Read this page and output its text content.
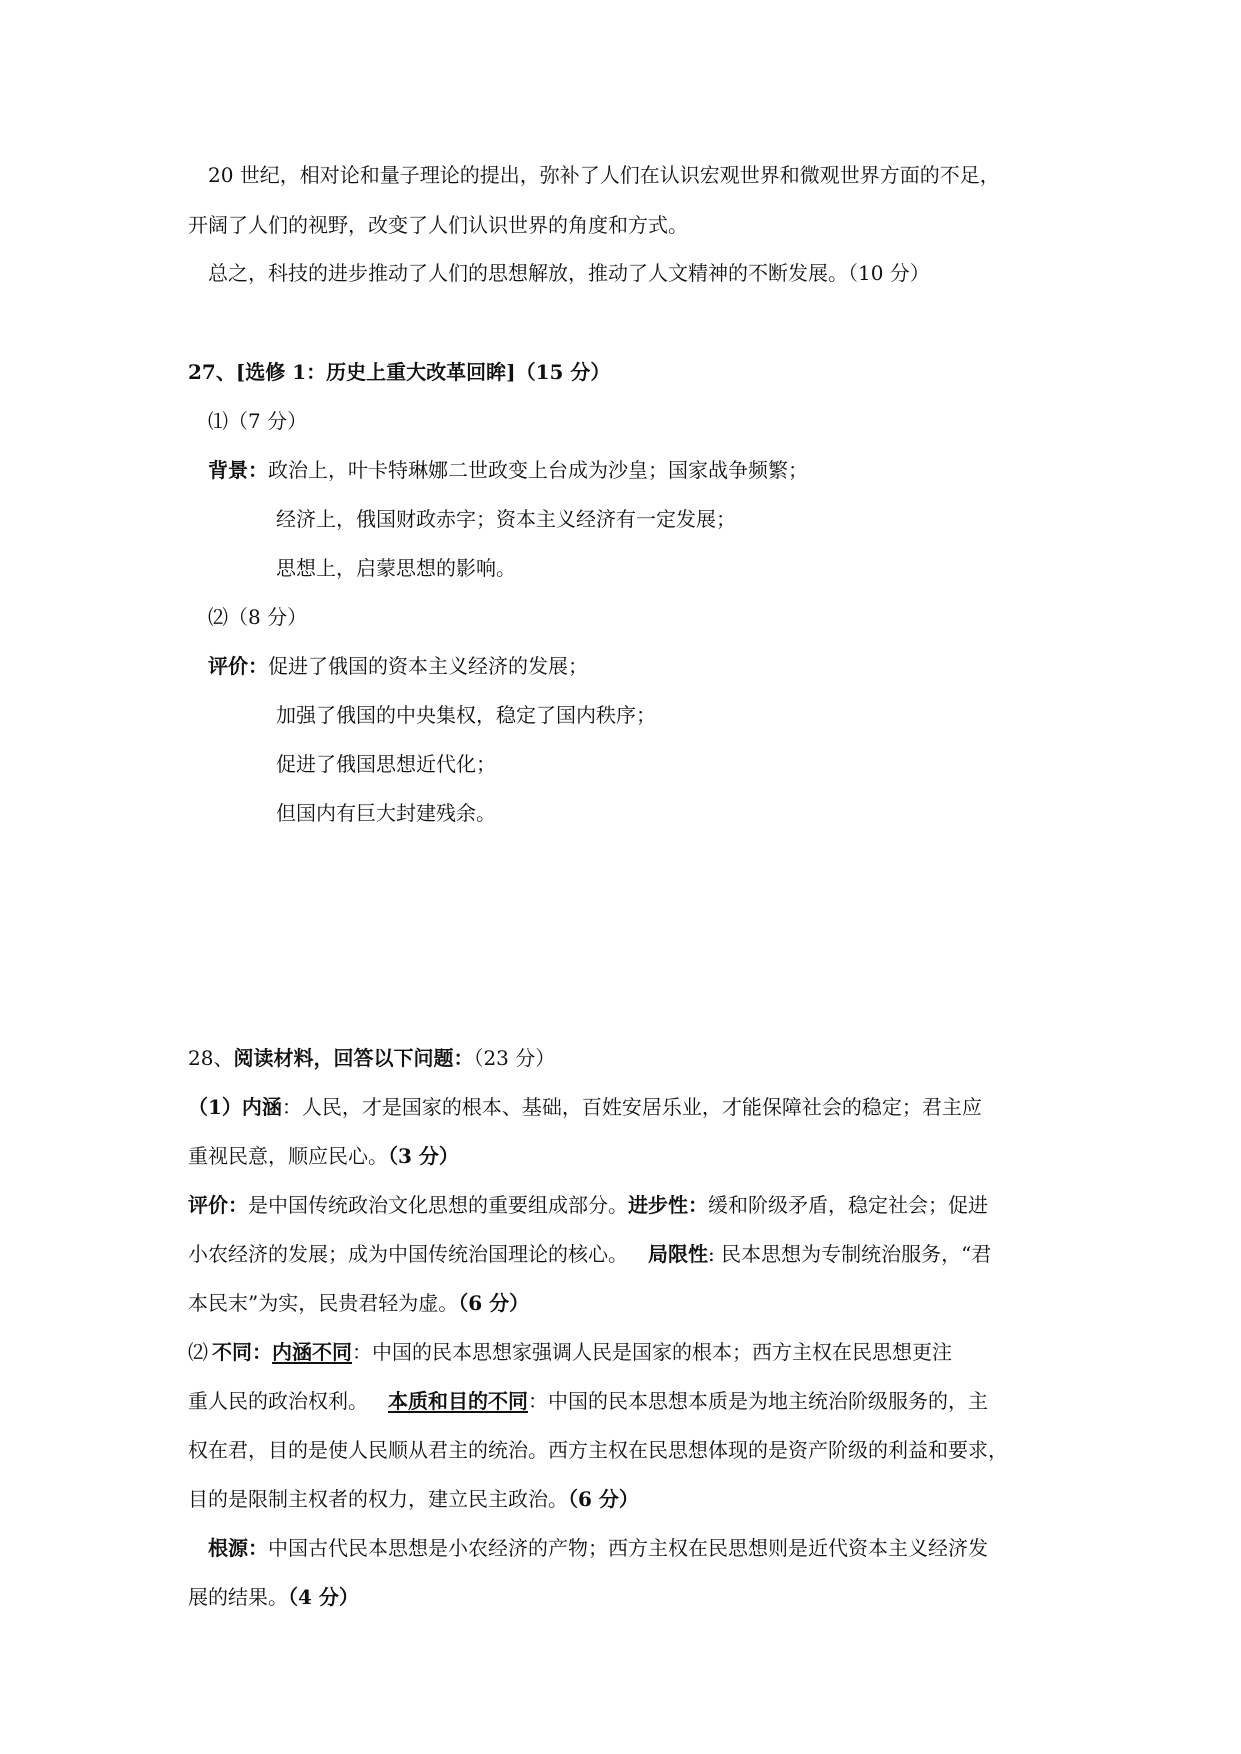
20 世纪，相对论和量子理论的提出，弥补了人们在认识宏观世界和微观世界方面的不足，
开阔了人们的视野，改变了人们认识世界的角度和方式。
总之，科技的进步推动了人们的思想解放，推动了人文精神的不断发展。（10 分）
27、[选修 1：历史上重大改革回眸]（15 分）
⑴（7 分）
背景：政治上，叶卡特琳娜二世政变上台成为沙皇；国家战争频繁；
经济上，俄国财政赤字；资本主义经济有一定发展；
思想上，启蒙思想的影响。
⑵（8 分）
评价：促进了俄国的资本主义经济的发展；
加强了俄国的中央集权，稳定了国内秩序；
促进了俄国思想近代化；
但国内有巨大封建残余。
28、阅读材料，回答以下问题：（23 分）
（1）内涵：人民，才是国家的根本、基础，百姓安居乐业，才能保障社会的稳定；君主应
重视民意，顺应民心。（3 分）
评价：是中国传统政治文化思想的重要组成部分。进步性：缓和阶级矛盾，稳定社会；促进
小农经济的发展；成为中国传统治国理论的核心。  局限性: 民本思想为专制统治服务，“君
本民末”为实，民贵君轻为虚。（6 分）
⑵  不同：内涵不同：中国的民本思想家强调人民是国家的根本；西方主权在民思想更注
重人民的政治权利。  本质和目的不同：中国的民本思想本质是为地主统治阶级服务的，主
权在君，目的是使人民顺从君主的统治。西方主权在民思想体现的是资产阶级的利益和要求，
目的是限制主权者的权力，建立民主政治。（6 分）
根源：中国古代民本思想是小农经济的产物；西方主权在民思想则是近代资本主义经济发
展的结果。（4 分）
